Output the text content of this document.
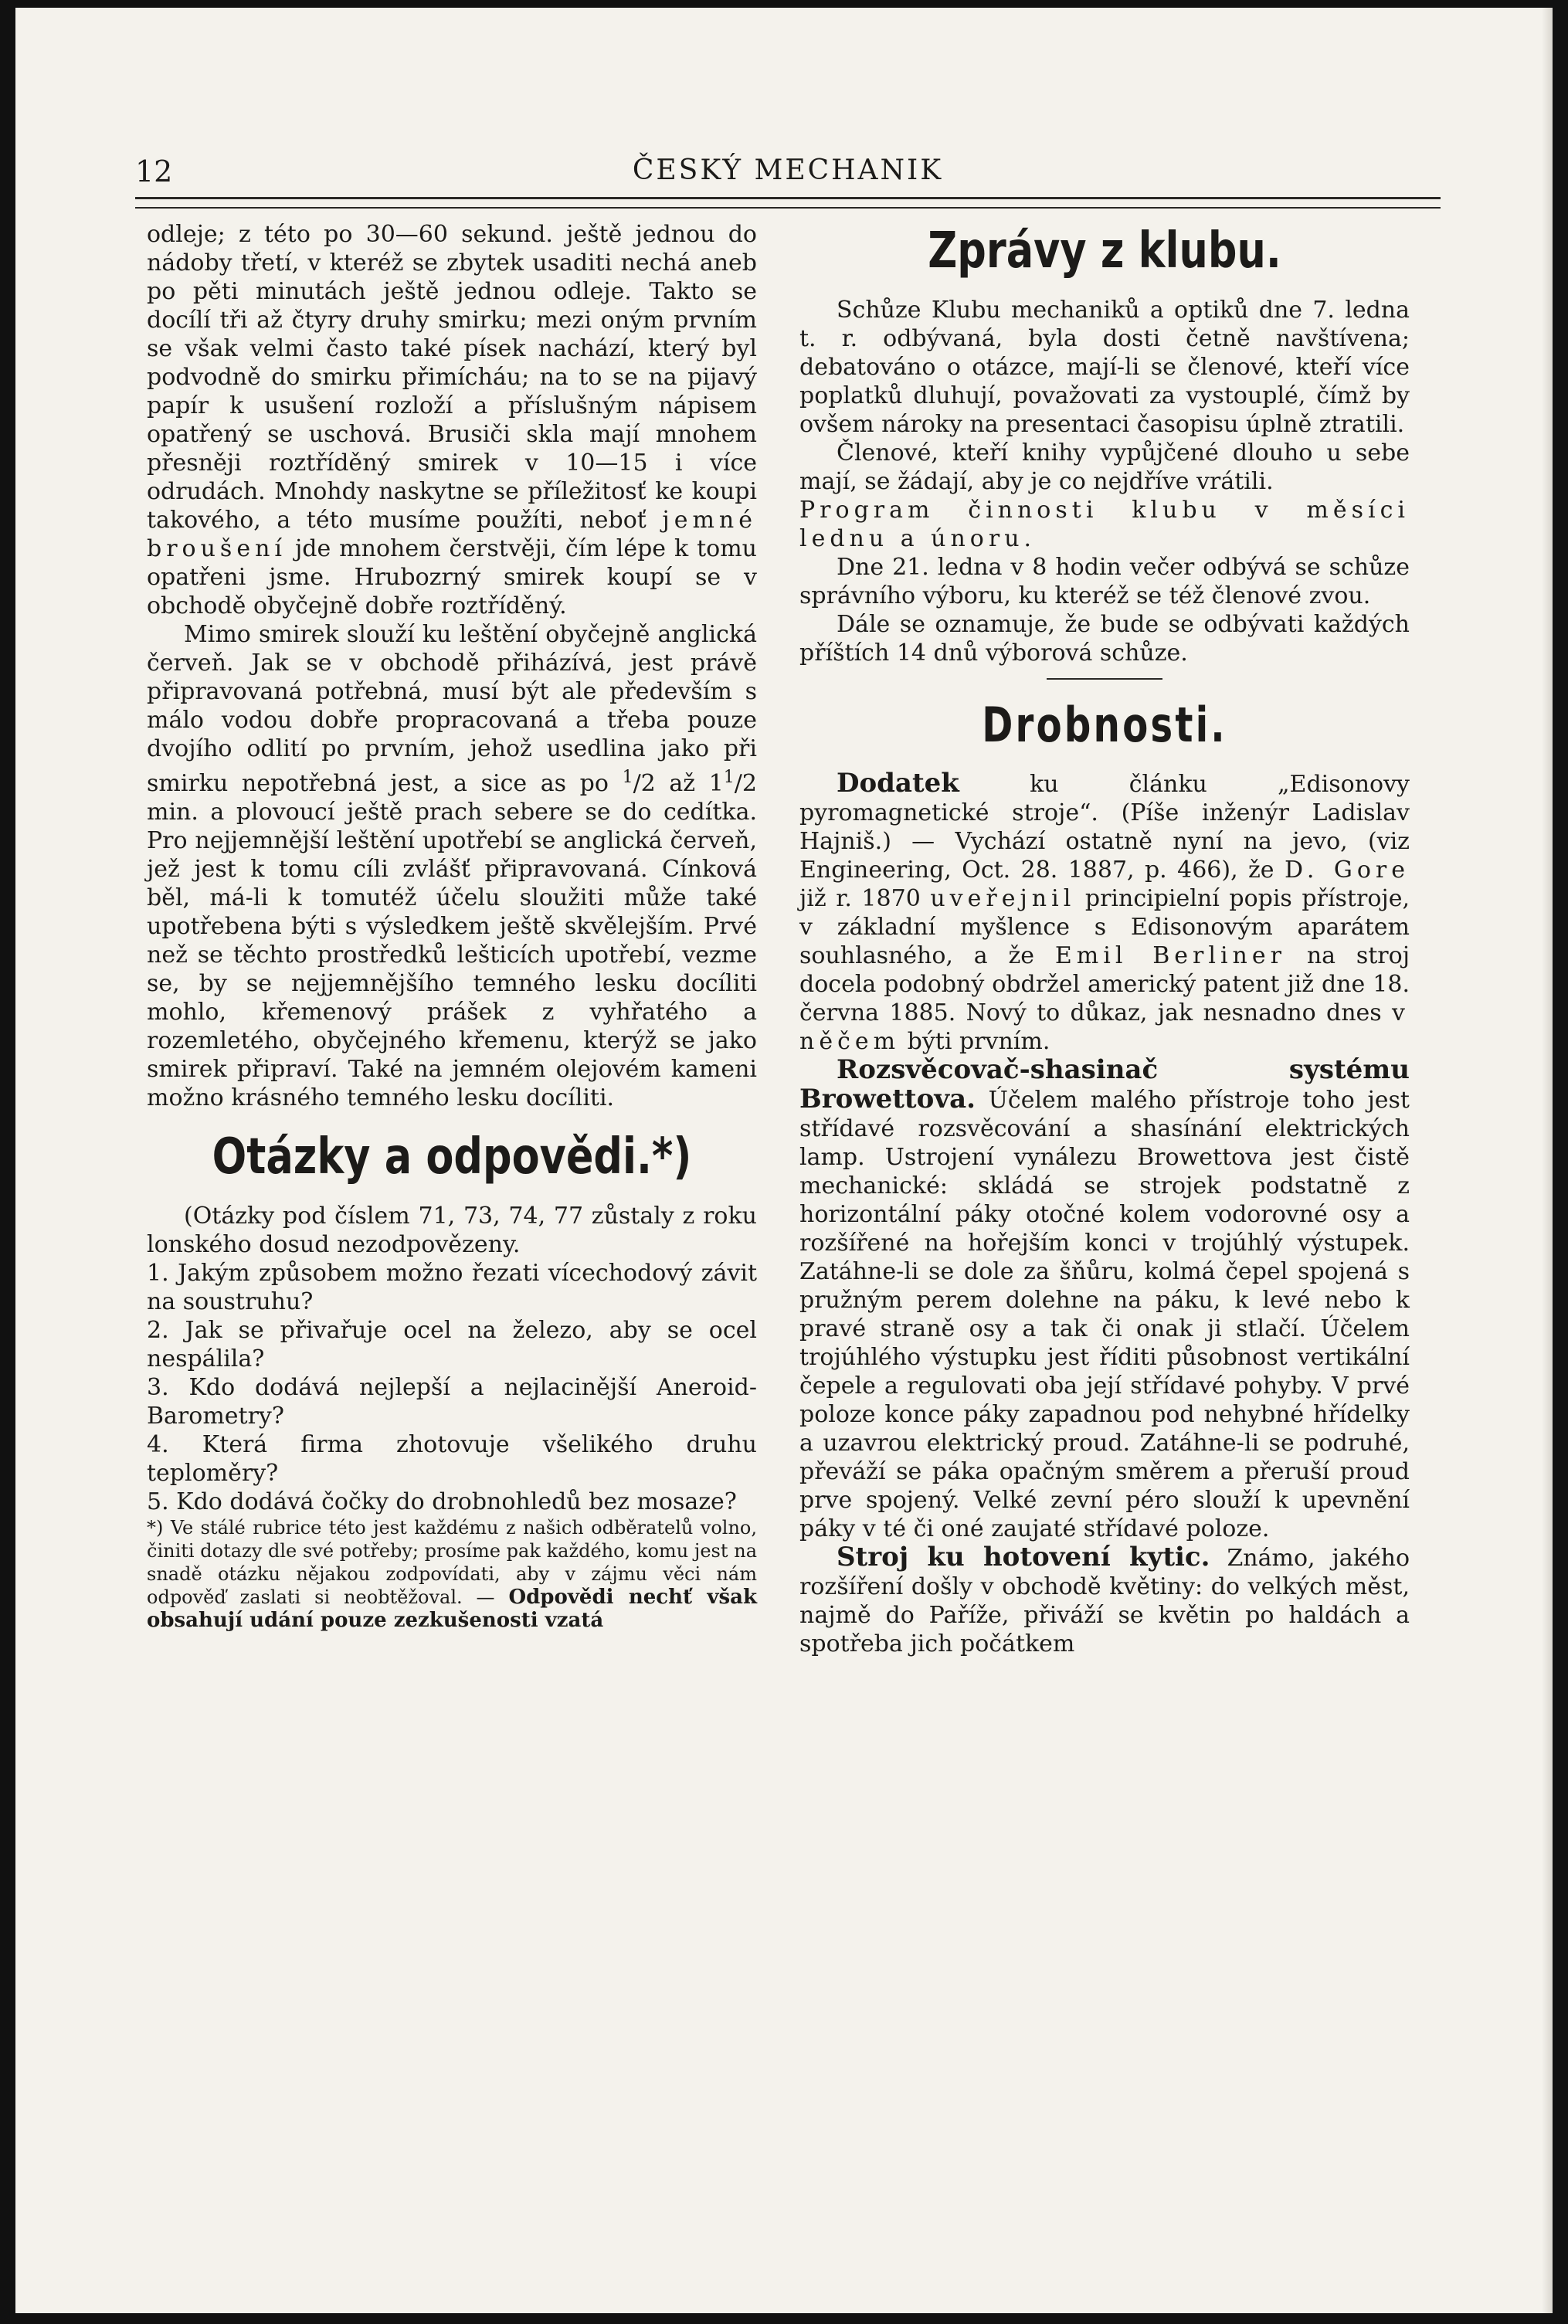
12	ČESKÝ MECHANIK

odleje; z této po 30—60 sekund. ještě jednou do nádoby třetí, v kteréž se zbytek usaditi nechá aneb po pěti minutách ještě jednou odleje. Takto se docílí tři až čtyry druhy smirku; mezi oným prvním se však velmi často také písek nachází, který byl podvodně do smirku přimícháu; na to se na pijavý papír k usušení rozloží a příslušným nápisem opatřený se uschová. Brusiči skla mají mnohem přesněji roztříděný smirek v 10—15 i více odrudách. Mnohdy naskytne se příležitosť ke koupi takového, a této musíme použíti, neboť jemné broušení jde mnohem čerstvěji, čím lépe k tomu opatřeni jsme. Hrubozrný smirek koupí se v obchodě obyčejně dobře roztříděný.

Mimo smirek slouží ku leštění obyčejně anglická červeň. Jak se v obchodě přiházívá, jest právě připravovaná potřebná, musí být ale především s málo vodou dobře propracovaná a třeba pouze dvojího odlití po prvním, jehož usedlina jako při smirku nepotřebná jest, a sice as po $^1$/2 až $1^1/2$ min. a plovoucí ještě prach sebere se do cedítka. Pro nejjemnější leštění upotřebí se anglická červeň, jež jest k tomu cíli zvlášť připravovaná. Cínková běl, má-li k tomutéž účelu sloužiti může také upotřebena býti s výsledkem ještě skvělejším. Prvé než se těchto prostředků lešticích upotřebí, vezme se, by se nejjemnějšího temného lesku docíliti mohlo, křemenový prášek z vyhřatého a rozemletého, obyčejného křemenu, kterýž se jako smirek připraví. Také na jemném olejovém kameni možno krásného temného lesku docíliti.

Otázky a odpovědi.*)

(Otázky pod číslem 71, 73, 74, 77 zůstaly z roku lonského dosud nezodpovězeny.

1. Jakým způsobem možno řezati vícechodový závit na soustruhu?

2. Jak se přivařuje ocel na železo, aby se ocel nespálila?

3. Kdo dodává nejlepší a nejlacinější Aneroid-Barometry?

4. Která firma zhotovuje všelikého druhu teploměry?

5. Kdo dodává čočky do drobnohledů bez mosaze?

*) Ve stálé rubrice této jest každému z našich odběratelů volno, činiti dotazy dle své potřeby; prosíme pak každého, komu jest na snadě otázku nějakou zodpovídati, aby v zájmu věci nám odpověď zaslati si neobtěžoval. — Odpovědi nechť však obsahují udání pouze zezkušenosti vzatá

Zprávy z klubu.

Schůze Klubu mechaniků a optiků dne 7. ledna t. r. odbývaná, byla dosti četně navštívena; debatováno o otázce, mají-li se členové, kteří více poplatků dluhují, považovati za vystouplé, čímž by ovšem nároky na presentaci časopisu úplně ztratili.

Členové, kteří knihy vypůjčené dlouho u sebe mají, se žádají, aby je co nejdříve vrátili.

Program činnosti klubu v měsíci lednu a únoru.

Dne 21. ledna v 8 hodin večer odbývá se schůze správního výboru, ku kteréž se též členové zvou.

Dále se oznamuje, že bude se odbývati každých příštích 14 dnů výborová schůze.

Drobnosti.

Dodatek	ku článku „Edisonovy pyromagnetické stroje“. (Píše inženýr Ladislav Hajniš.) — Vychází ostatně nyní na jevo, (viz Engineering, Oct. 28. 1887, p. 466), že D. Gore již r. 1870 uveřejnil principielní popis přístroje, v základní myšlence s Edisonovým aparátem souhlasného, a že Emil Berliner na stroj docela podobný obdržel americký patent již dne 18. června 1885. Nový to důkaz, jak nesnadno dnes v něčem býti prvním.

Rozsvěcovač-shasinač systému Browettova. Účelem malého přístroje toho jest střídavé rozsvěcování a shasínání elektrických lamp. Ustrojení vynálezu Browettova jest čistě mechanické: skládá se strojek podstatně z horizontální páky otočné kolem vodorovné osy a rozšířené na hořejším konci v trojúhlý výstupek. Zatáhne-li se dole za šňůru, kolmá čepel spojená s pružným perem dolehne na páku, k levé nebo k pravé straně osy a tak či onak ji stlačí. Účelem trojúhlého výstupku jest říditi působnost vertikální čepele a regulovati oba její střídavé pohyby. V prvé poloze konce páky zapadnou pod nehybné hřídelky a uzavrou elektrický proud. Zatáhne-li se podruhé, převáží se páka opačným směrem a přeruší proud prve spojený. Velké zevní péro slouží k upevnění páky v té či oné zaujaté střídavé poloze.

Stroj ku hotovení kytic. Známo, jakého rozšíření došly v obchodě květiny: do velkých měst, najmě do Paříže, přiváží se květin po haldách a spotřeba jich počátkem
